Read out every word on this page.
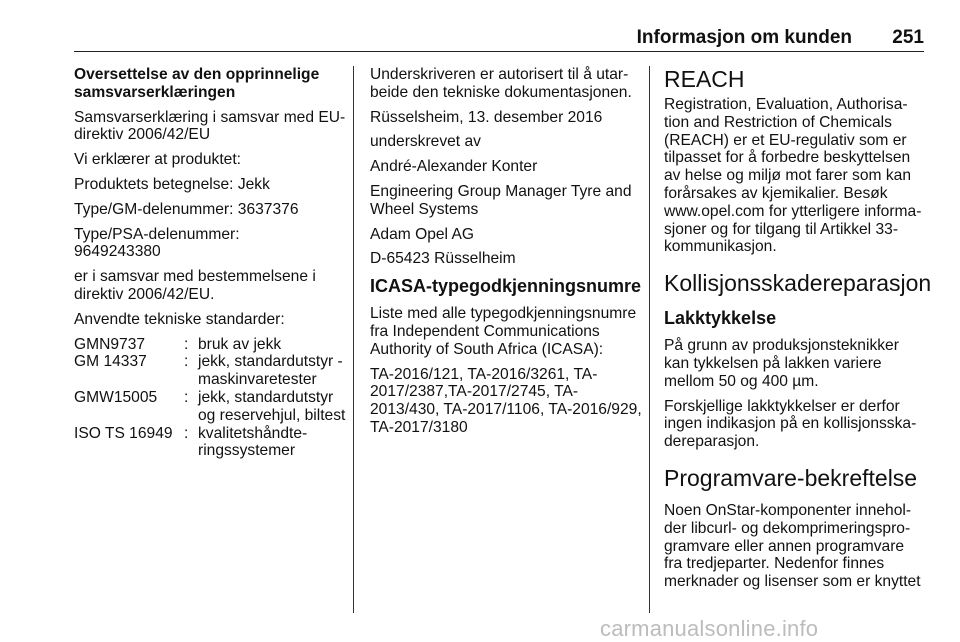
Informasjon om kunden 251

Oversettelse av den opprinnelige samsvarserklæringen

Samsvarserklæring i samsvar med EU-direktiv 2006/42/EU

Vi erklærer at produktet:

Produktets betegnelse: Jekk

Type/GM-delenummer: 3637376

Type/PSA-delenummer:
9649243380

er i samsvar med bestemmelsene i direktiv 2006/42/EU.

Anvendte tekniske standarder:

GMN9737	: bruk av jekk
GM 14337	: jekk, standardutstyr - maskinvaretester
GMW15005	: jekk, standardutstyr og reservehjul, biltest
ISO TS 16949 : kvalitetshåndteringssystemer

Underskriveren er autorisert til å utarbeide den tekniske dokumentasjonen.

Rüsselsheim, 13. desember 2016

underskrevet av

André-Alexander Konter

Engineering Group Manager Tyre and Wheel Systems

Adam Opel AG

D-65423 Rüsselheim

ICASA-typegodkjenningsnumre

Liste med alle typegodkjenningsnumre fra Independent Communications Authority of South Africa (ICASA):

TA-2016/121, TA-2016/3261, TA-2017/2387,TA-2017/2745, TA-2013/430, TA-2017/1106, TA-2016/929, TA-2017/3180

REACH

Registration, Evaluation, Authorisation and Restriction of Chemicals (REACH) er et EU-regulativ som er tilpasset for å forbedre beskyttelsen av helse og miljø mot farer som kan forårsakes av kjemikalier. Besøk www.opel.com for ytterligere informasjoner og for tilgang til Artikkel 33-kommunikasjon.

Kollisjonsskadereparasjon
Lakktykkelse

På grunn av produksjonsteknikker kan tykkelsen på lakken variere mellom 50 og 400 µm.

Forskjellige lakktykkelser er derfor ingen indikasjon på en kollisjonsskadereparasjon.

Programvare-bekreftelse

Noen OnStar-komponenter inneholder libcurl- og dekomprimeringsprogramvare eller annen programvare fra tredjeparter. Nedenfor finnes merknader og lisenser som er knyttet

carmanualsonline.info
